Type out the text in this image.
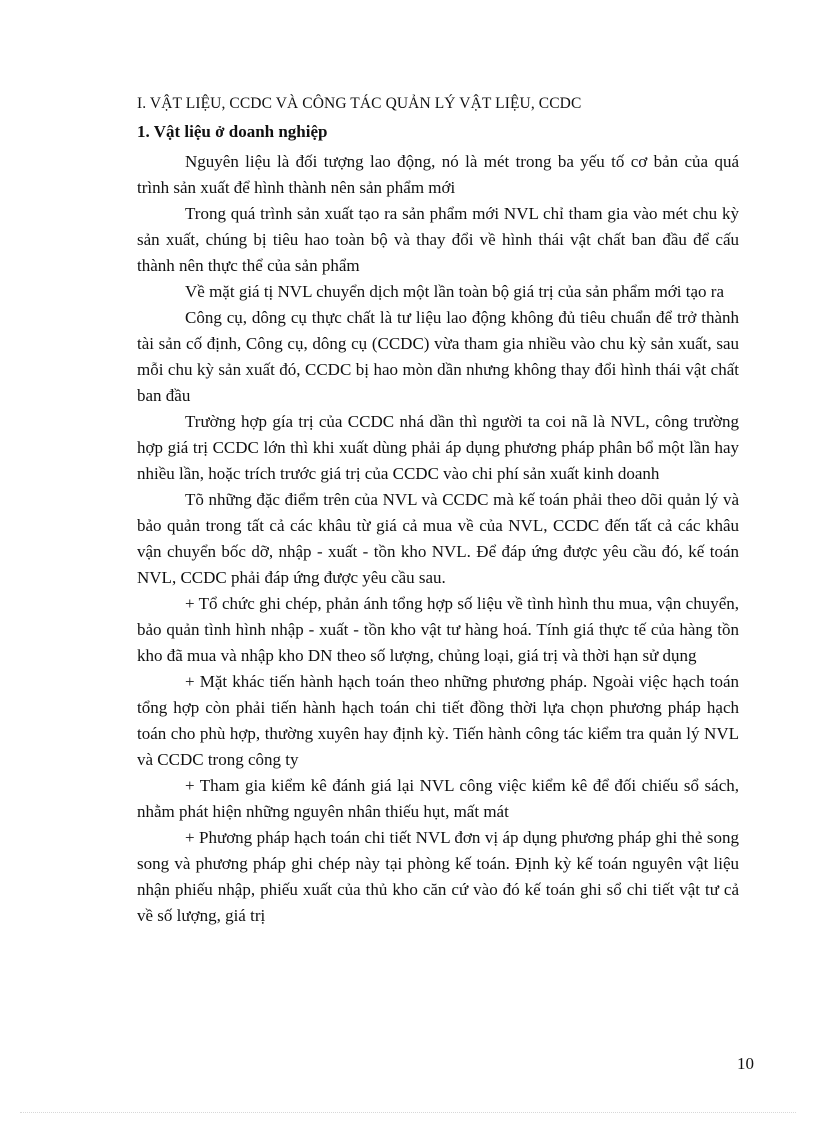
I. VẬT LIỆU, CCDC VÀ CÔNG TÁC QUẢN LÝ VẬT LIỆU, CCDC
1. Vật liệu ở doanh nghiệp

Nguyên liệu là đối tượng lao động, nó là mét trong ba yếu tố cơ bản của quá trình sản xuất để hình thành nên sản phẩm mới

Trong quá trình sản xuất tạo ra sản phẩm mới NVL chỉ tham gia vào mét chu kỳ sản xuất, chúng bị tiêu hao toàn bộ và thay đổi về hình thái vật chất ban đầu để cấu thành nên thực thể của sản phẩm

Về mặt giá tị NVL chuyển dịch một lần toàn bộ giá trị của sản phẩm mới tạo ra

Công cụ, dông cụ thực chất là tư liệu lao động không đủ tiêu chuẩn để trở thành tài sản cố định, Công cụ, dông cụ (CCDC) vừa tham gia nhiều vào chu kỳ sản xuất, sau mỗi chu kỳ sản xuất đó, CCDC bị hao mòn dần nhưng không thay đổi hình thái vật chất ban đầu

Trường hợp gía trị của CCDC nhá dần thì người ta coi nã là NVL, công trường hợp giá trị CCDC lớn thì khi xuất dùng phải áp dụng phương pháp phân bổ một lần hay nhiều lần, hoặc trích trước giá trị của CCDC vào chi phí sản xuất kinh doanh

Tõ những đặc điểm trên của NVL và CCDC mà kế toán phải theo dõi quản lý và bảo quản trong tất cả các khâu từ giá cả mua về của NVL, CCDC đến tất cả các khâu vận chuyển bốc dỡ, nhập - xuất - tồn kho NVL. Để đáp ứng được yêu cầu đó, kế toán NVL, CCDC phải đáp ứng được yêu cầu sau.

+ Tổ chức ghi chép, phản ánh tổng hợp số liệu về tình hình thu mua, vận chuyển, bảo quản tình hình nhập - xuất - tồn kho vật tư hàng hoá. Tính giá thực tế của hàng tồn kho đã mua và nhập kho DN theo số lượng, chủng loại, giá trị và thời hạn sử dụng

+ Mặt khác tiến hành hạch toán theo những phương pháp. Ngoài việc hạch toán tổng hợp còn phải tiến hành hạch toán chi tiết đồng thời lựa chọn phương pháp hạch toán cho phù hợp, thường xuyên hay định kỳ. Tiến hành công tác kiểm tra quản lý NVL và CCDC trong công ty

+ Tham gia kiểm kê đánh giá lại NVL công việc kiểm kê để đối chiếu sổ sách, nhằm phát hiện những nguyên nhân thiếu hụt, mất mát

+ Phương pháp hạch toán chi tiết NVL đơn vị áp dụng phương pháp ghi thẻ song song và phương pháp ghi chép này tại phòng kế toán. Định kỳ kế toán nguyên vật liệu nhận phiếu nhập, phiếu xuất của thủ kho căn cứ vào đó kế toán ghi sổ chi tiết vật tư cả về số lượng, giá trị

10
